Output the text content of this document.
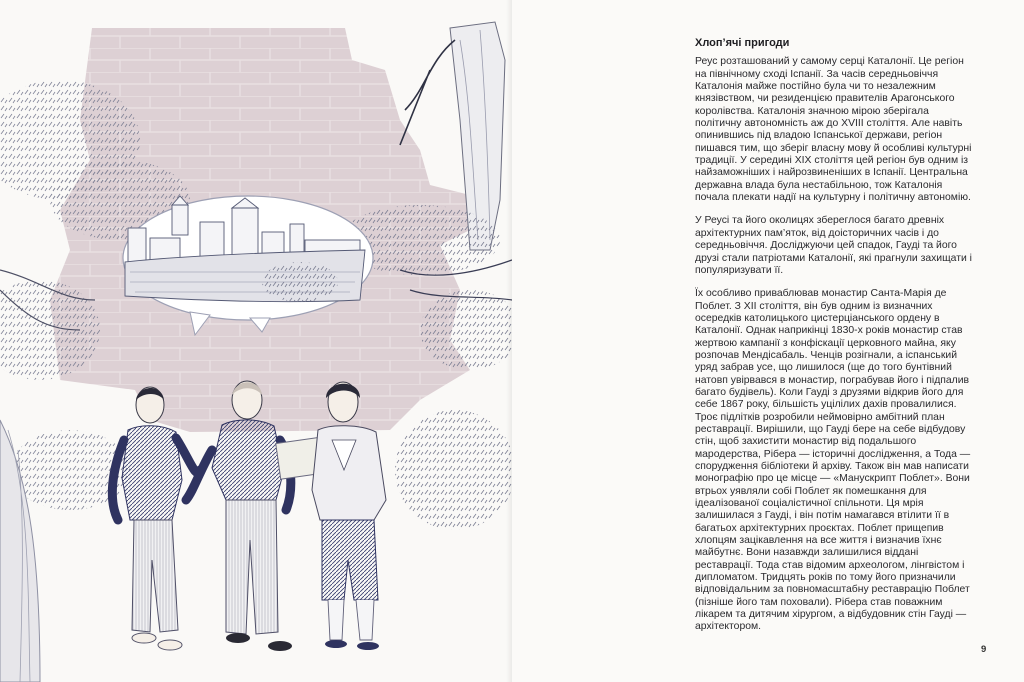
Хлоп’ячі пригоди

Реус розташований у самому серці Каталонії. Це регіон на північному сході Іспанії. За часів середньовіччя Каталонія майже постійно була чи то незалежним князівством, чи резиденцією правителів Арагонського королівства. Каталонія значною мірою зберігала політичну автономність аж до XVIII століття. Але навіть опинившись під владою Іспанської держави, регіон пишався тим, що зберіг власну мову й особливі культурні традиції. У середині XIX століття цей регіон був одним із найзаможніших і найрозвиненіших в Іспанії. Центральна державна влада була нестабільною, тож Каталонія почала плекати надії на культурну і політичну автономію.

У Реусі та його околицях збереглося багато древніх архітектурних пам’яток, від доісторичних часів і до середньовіччя. Досліджуючи цей спадок, Гауді та його друзі стали патріотами Каталонії, які прагнули захищати і популяризувати її.

Їх особливо приваблював монастир Санта-Марія де Поблет. З XII століття, він був одним із визначних осередків католицького цистерціанського ордену в Каталонії. Однак наприкінці 1830-х років монастир став жертвою кампанії з конфіскації церковного майна, яку розпочав Мендісабаль. Ченців розігнали, а іспанський уряд забрав усе, що лишилося (ще до того бунтівний натовп увірвався в монастир, пограбував його і підпалив багато будівель). Коли Гауді з друзями відкрив його для себе 1867 року, більшість уцілілих дахів провалилися. Троє підлітків розробили неймовірно амбітний план реставрації. Вирішили, що Гауді бере на себе відбудову стін, щоб захистити монастир від подальшого мародерства, Рібера — історичні дослідження, а Тода — спорудження бібліотеки й архіву. Також він мав написати монографію про це місце — «Манускрипт Поблет». Вони втрьох уявляли собі Поблет як помешкання для ідеалізованої соціалістичної спільноти. Ця мрія залишилася з Гауді, і він потім намагався втілити її в багатьох архітектурних проєктах. Поблет прищепив хлопцям зацікавлення на все життя і визначив їхнє майбутнє. Вони назавжди залишилися віддані реставрації. Тода став відомим археологом, лінгвістом і дипломатом. Тридцять років по тому його призначили відповідальним за повномасштабну реставрацію Поблет (пізніше його там поховали). Рібера став поважним лікарем та дитячим хірургом, а відбудовник стін Гауді — архітектором.

9
